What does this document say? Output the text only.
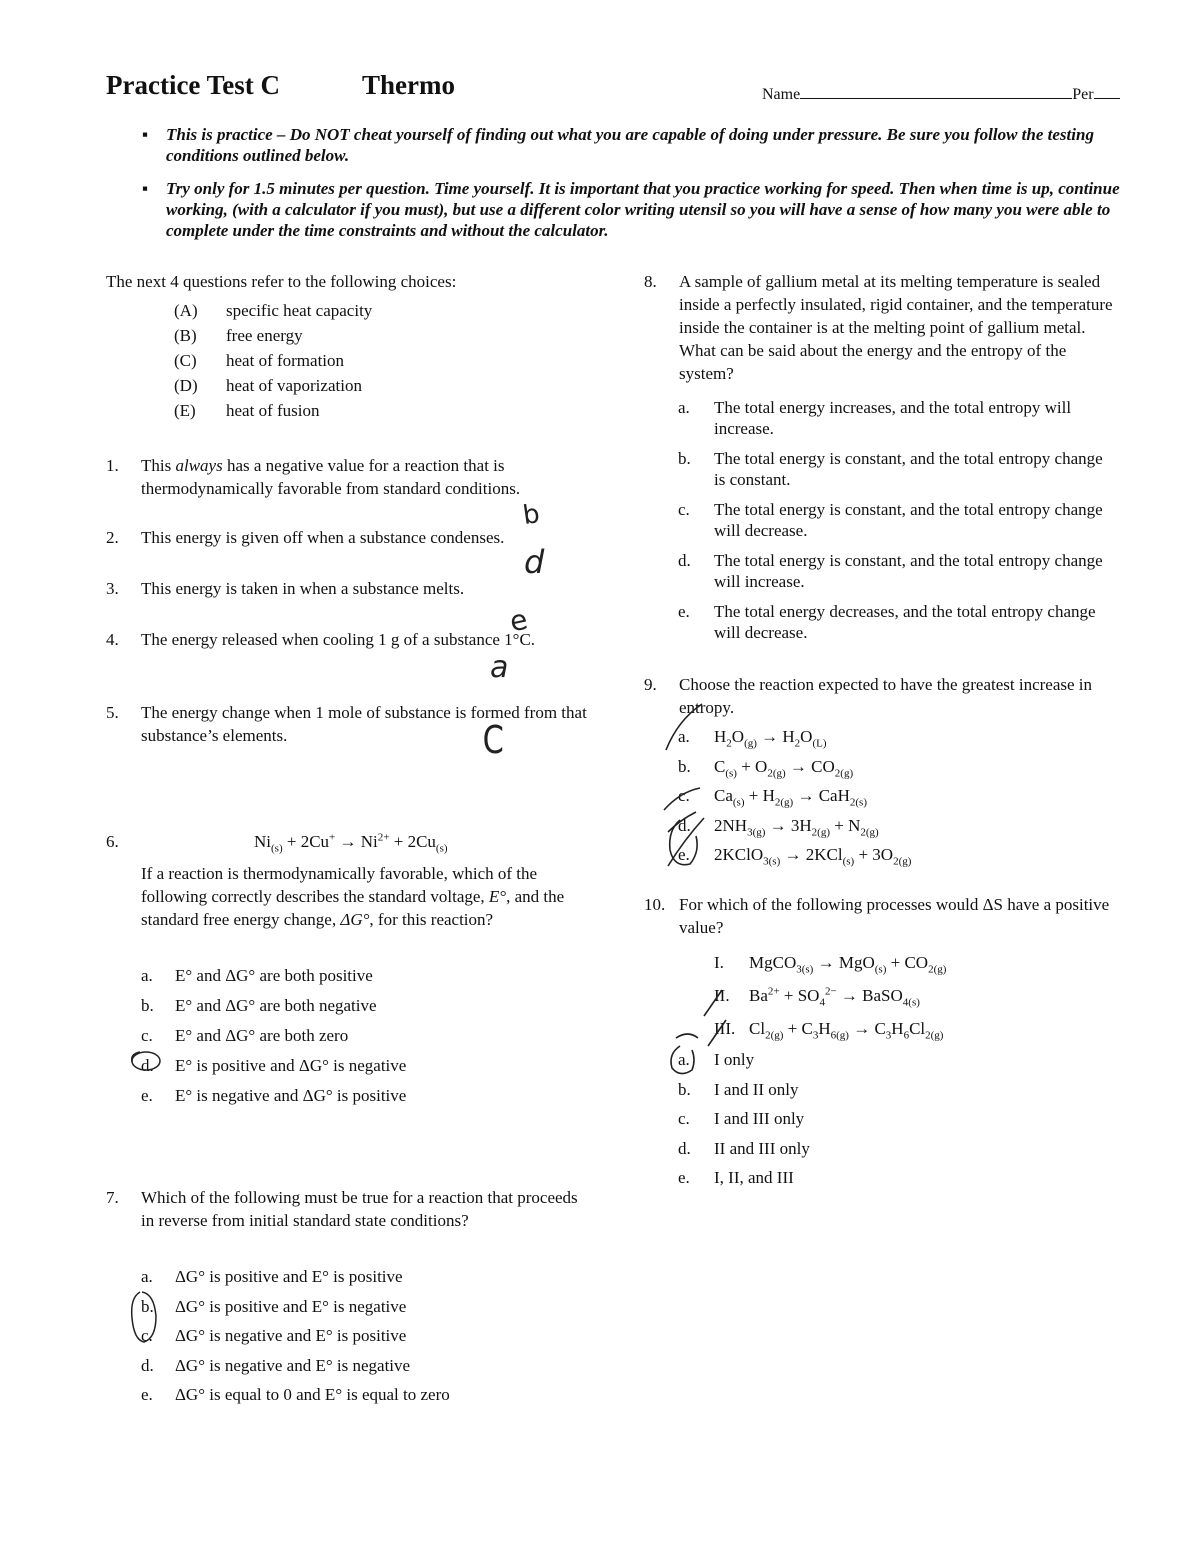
Practice Test C	Thermo	Name	Per
▪ This is practice – Do NOT cheat yourself of finding out what you are capable of doing under pressure. Be sure you follow the testing conditions outlined below.
▪ Try only for 1.5 minutes per question. Time yourself. It is important that you practice working for speed. Then when time is up, continue working, (with a calculator if you must), but use a different color writing utensil so you will have a sense of how many you were able to complete under the time constraints and without the calculator.
The next 4 questions refer to the following choices:
(A)	specific heat capacity
(B)	free energy
(C)	heat of formation
(D)	heat of vaporization
(E)	heat of fusion
1.	This always has a negative value for a reaction that is thermodynamically favorable from standard conditions.
2.	This energy is given off when a substance condenses.
3.	This energy is taken in when a substance melts.
4.	The energy released when cooling 1 g of a substance 1°C.
5.	The energy change when 1 mole of substance is formed from that substance’s elements.
b
d
e
a
C
6.	$Ni_{(s)} + 2Cu^+ \to Ni^{2+} + 2Cu_{(s)}$
If a reaction is thermodynamically favorable, which of the following correctly describes the standard voltage, E°, and the standard free energy change, ΔG°, for this reaction?
a.	E° and ΔG° are both positive
b.	E° and ΔG° are both negative
c.	E° and ΔG° are both zero
d.	E° is positive and ΔG° is negative
e.	E° is negative and ΔG° is positive
7.	Which of the following must be true for a reaction that proceeds in reverse from initial standard state conditions?
a.	ΔG° is positive and E° is positive
b.	ΔG° is positive and E° is negative
c.	ΔG° is negative and E° is positive
d.	ΔG° is negative and E° is negative
e.	ΔG° is equal to 0 and E° is equal to zero
8.	A sample of gallium metal at its melting temperature is sealed inside a perfectly insulated, rigid container, and the temperature inside the container is at the melting point of gallium metal. What can be said about the energy and the entropy of the system?
a.	The total energy increases, and the total entropy will increase.
b.	The total energy is constant, and the total entropy change is constant.
c.	The total energy is constant, and the total entropy change will decrease.
d.	The total energy is constant, and the total entropy change will increase.
e.	The total energy decreases, and the total entropy change will decrease.
9.	Choose the reaction expected to have the greatest increase in entropy.
a.	$H_2O_{(g)} \to H_2O_{(L)}$
b.	$C_{(s)} + O_{2(g)} \to CO_{2(g)}$
c.	$Ca_{(s)} + H_{2(g)} \to CaH_{2(s)}$
d.	$2NH_{3(g)} \to 3H_{2(g)} + N_{2(g)}$
e.	2KClO$_{3(s)}$ → $2KCl_{(s)} + 3O_{2(g)}$
10. For which of the following processes would ΔS have a positive value?
I. MgCO$_{3(s)}$ → $MgO_{(s)} + CO_{2(g)}$
II. $Ba^{2+} + SO_4^{2-}$ → BaSO$_{4(s)}$
III. $Cl_{2(g)} + C_3H_{6(g)} \to C_3H_6Cl_{2(g)}$
a.	I only
b.	I and II only
c.	I and III only
d.	II and III only
e.	I, II, and III
